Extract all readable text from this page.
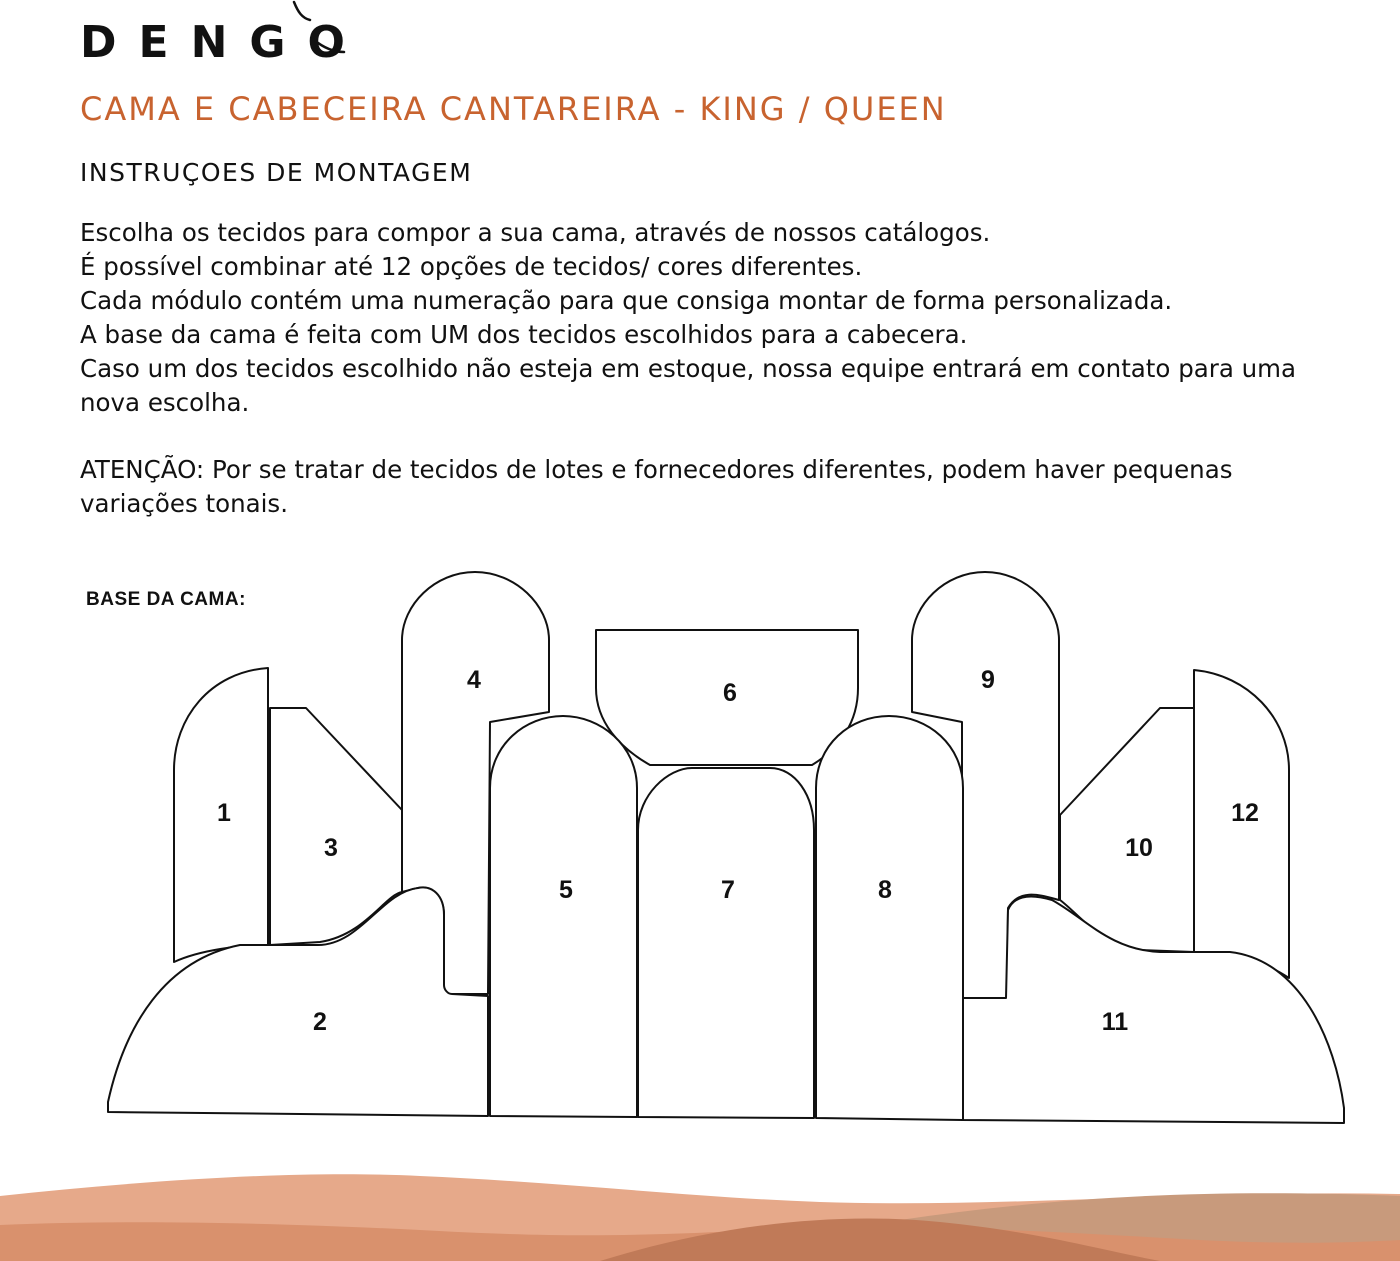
DENGO
CAMA E CABECEIRA CANTAREIRA - KING / QUEEN
INSTRUÇOES DE MONTAGEM

Escolha os tecidos para compor a sua cama, através de nossos catálogos.

É possível combinar até 12 opções de tecidos/ cores diferentes.

Cada módulo contém uma numeração para que consiga montar de forma personalizada.

A base da cama é feita com UM dos tecidos escolhidos para a cabecera.

Caso um dos tecidos escolhido não esteja em estoque, nossa equipe entrará em contato para uma nova escolha.

ATENÇÃO: Por se tratar de tecidos de lotes e fornecedores diferentes, podem haver pequenas variações tonais.
BASE DA CAMA:
1
2
3
4
5
6
7	8
9
10
11
12
